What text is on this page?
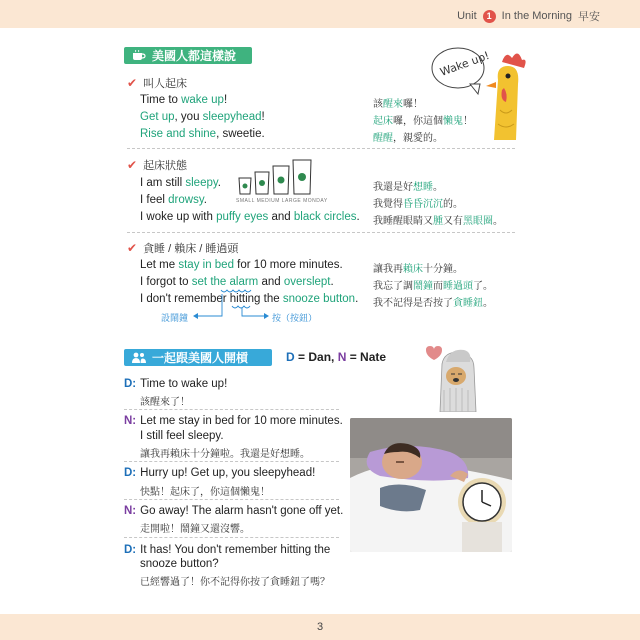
Unit	1 In the Morning 早安
美國人都這樣說	Wake up!
✔ 叫人起床
Time to wake up!	該醒來囉！
Get up, you sleepyhead!	起床囉，你這個懶鬼！
Rise and shine, sweetie.	醒醒，親愛的。
✔ 起床狀態
SMALL MEDIUM LARGE MONDAY
I am still sleepy.	我還是好想睡。
I feel drowsy.	我覺得昏昏沉沉的。
I woke up with puffy eyes and black circles. 我睡醒眼睛又腫又有黑眼圈。
✔ 貪睡 / 賴床 / 睡過頭
Let me stay in bed for 10 more minutes.	讓我再賴床十分鐘。
I forgot to set the alarm and overslept.	我忘了調鬧鐘而睡過頭了。
I don't remember hitting the snooze button. 我不記得是否按了貪睡鈕。
設鬧鐘	按（按鈕）
一起跟美國人開槓	D = Dan, N = Nate
D: Time to wake up!
該醒來了！
N: Let me stay in bed for 10 more minutes.
I still feel sleepy.
讓我再賴床十分鐘啦。我還是好想睡。
D: Hurry up! Get up, you sleepyhead!
快點！起床了，你這個懶鬼！
N: Go away! The alarm hasn't gone off yet.
走開啦！鬧鐘又還沒響。
D: It has! You don't remember hitting the
snooze button?
已經響過了！你不記得你按了貪睡鈕了嗎？
3
